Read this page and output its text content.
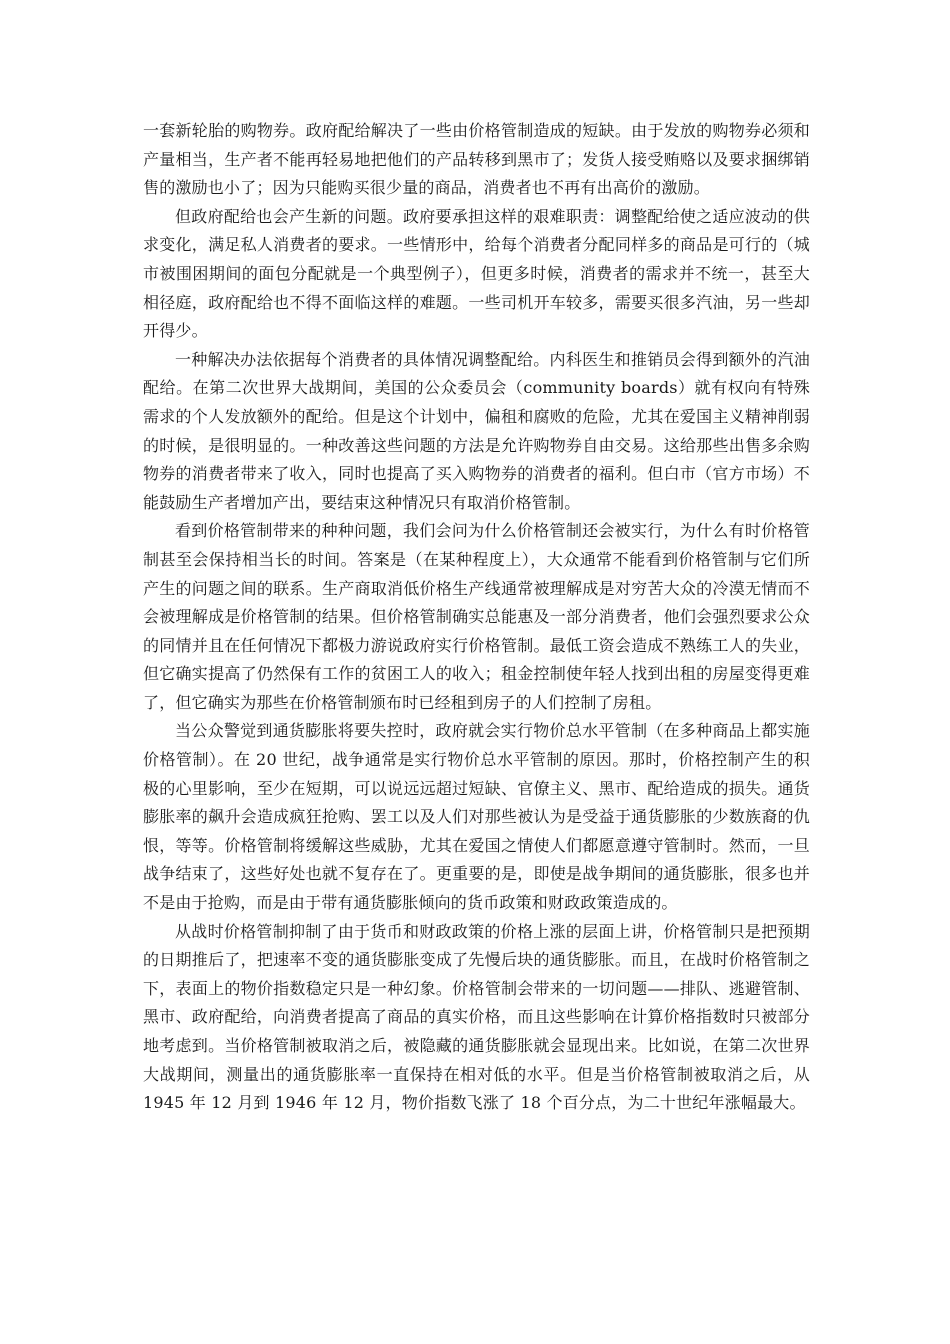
一套新轮胎的购物券。政府配给解决了一些由价格管制造成的短缺。由于发放的购物券必须和产量相当，生产者不能再轻易地把他们的产品转移到黑市了；发货人接受贿赂以及要求捆绑销售的激励也小了；因为只能购买很少量的商品，消费者也不再有出高价的激励。

但政府配给也会产生新的问题。政府要承担这样的艰难职责：调整配给使之适应波动的供求变化，满足私人消费者的要求。一些情形中，给每个消费者分配同样多的商品是可行的（城市被围困期间的面包分配就是一个典型例子），但更多时候，消费者的需求并不统一，甚至大相径庭，政府配给也不得不面临这样的难题。一些司机开车较多，需要买很多汽油，另一些却开得少。

一种解决办法依据每个消费者的具体情况调整配给。内科医生和推销员会得到额外的汽油配给。在第二次世界大战期间，美国的公众委员会（community boards）就有权向有特殊需求的个人发放额外的配给。但是这个计划中，偏租和腐败的危险，尤其在爱国主义精神削弱的时候，是很明显的。一种改善这些问题的方法是允许购物券自由交易。这给那些出售多余购物券的消费者带来了收入，同时也提高了买入购物券的消费者的福利。但白市（官方市场）不能鼓励生产者增加产出，要结束这种情况只有取消价格管制。

看到价格管制带来的种种问题，我们会问为什么价格管制还会被实行，为什么有时价格管制甚至会保持相当长的时间。答案是（在某种程度上），大众通常不能看到价格管制与它们所产生的问题之间的联系。生产商取消低价格生产线通常被理解成是对穷苦大众的冷漠无情而不会被理解成是价格管制的结果。但价格管制确实总能惠及一部分消费者，他们会强烈要求公众的同情并且在任何情况下都极力游说政府实行价格管制。最低工资会造成不熟练工人的失业，但它确实提高了仍然保有工作的贫困工人的收入；租金控制使年轻人找到出租的房屋变得更难了，但它确实为那些在价格管制颁布时已经租到房子的人们控制了房租。

当公众警觉到通货膨胀将要失控时，政府就会实行物价总水平管制（在多种商品上都实施价格管制）。在 20 世纪，战争通常是实行物价总水平管制的原因。那时，价格控制产生的积极的心里影响，至少在短期，可以说远远超过短缺、官僚主义、黑市、配给造成的损失。通货膨胀率的飙升会造成疯狂抢购、罢工以及人们对那些被认为是受益于通货膨胀的少数族裔的仇恨，等等。价格管制将缓解这些威胁，尤其在爱国之情使人们都愿意遵守管制时。然而，一旦战争结束了，这些好处也就不复存在了。更重要的是，即使是战争期间的通货膨胀，很多也并不是由于抢购，而是由于带有通货膨胀倾向的货币政策和财政政策造成的。

从战时价格管制抑制了由于货币和财政政策的价格上涨的层面上讲，价格管制只是把预期的日期推后了，把速率不变的通货膨胀变成了先慢后块的通货膨胀。而且，在战时价格管制之下，表面上的物价指数稳定只是一种幻象。价格管制会带来的一切问题——排队、逃避管制、黑市、政府配给，向消费者提高了商品的真实价格，而且这些影响在计算价格指数时只被部分地考虑到。当价格管制被取消之后，被隐藏的通货膨胀就会显现出来。比如说，在第二次世界大战期间，测量出的通货膨胀率一直保持在相对低的水平。但是当价格管制被取消之后，从 1945 年 12 月到 1946 年 12 月，物价指数飞涨了 18 个百分点，为二十世纪年涨幅最大。
